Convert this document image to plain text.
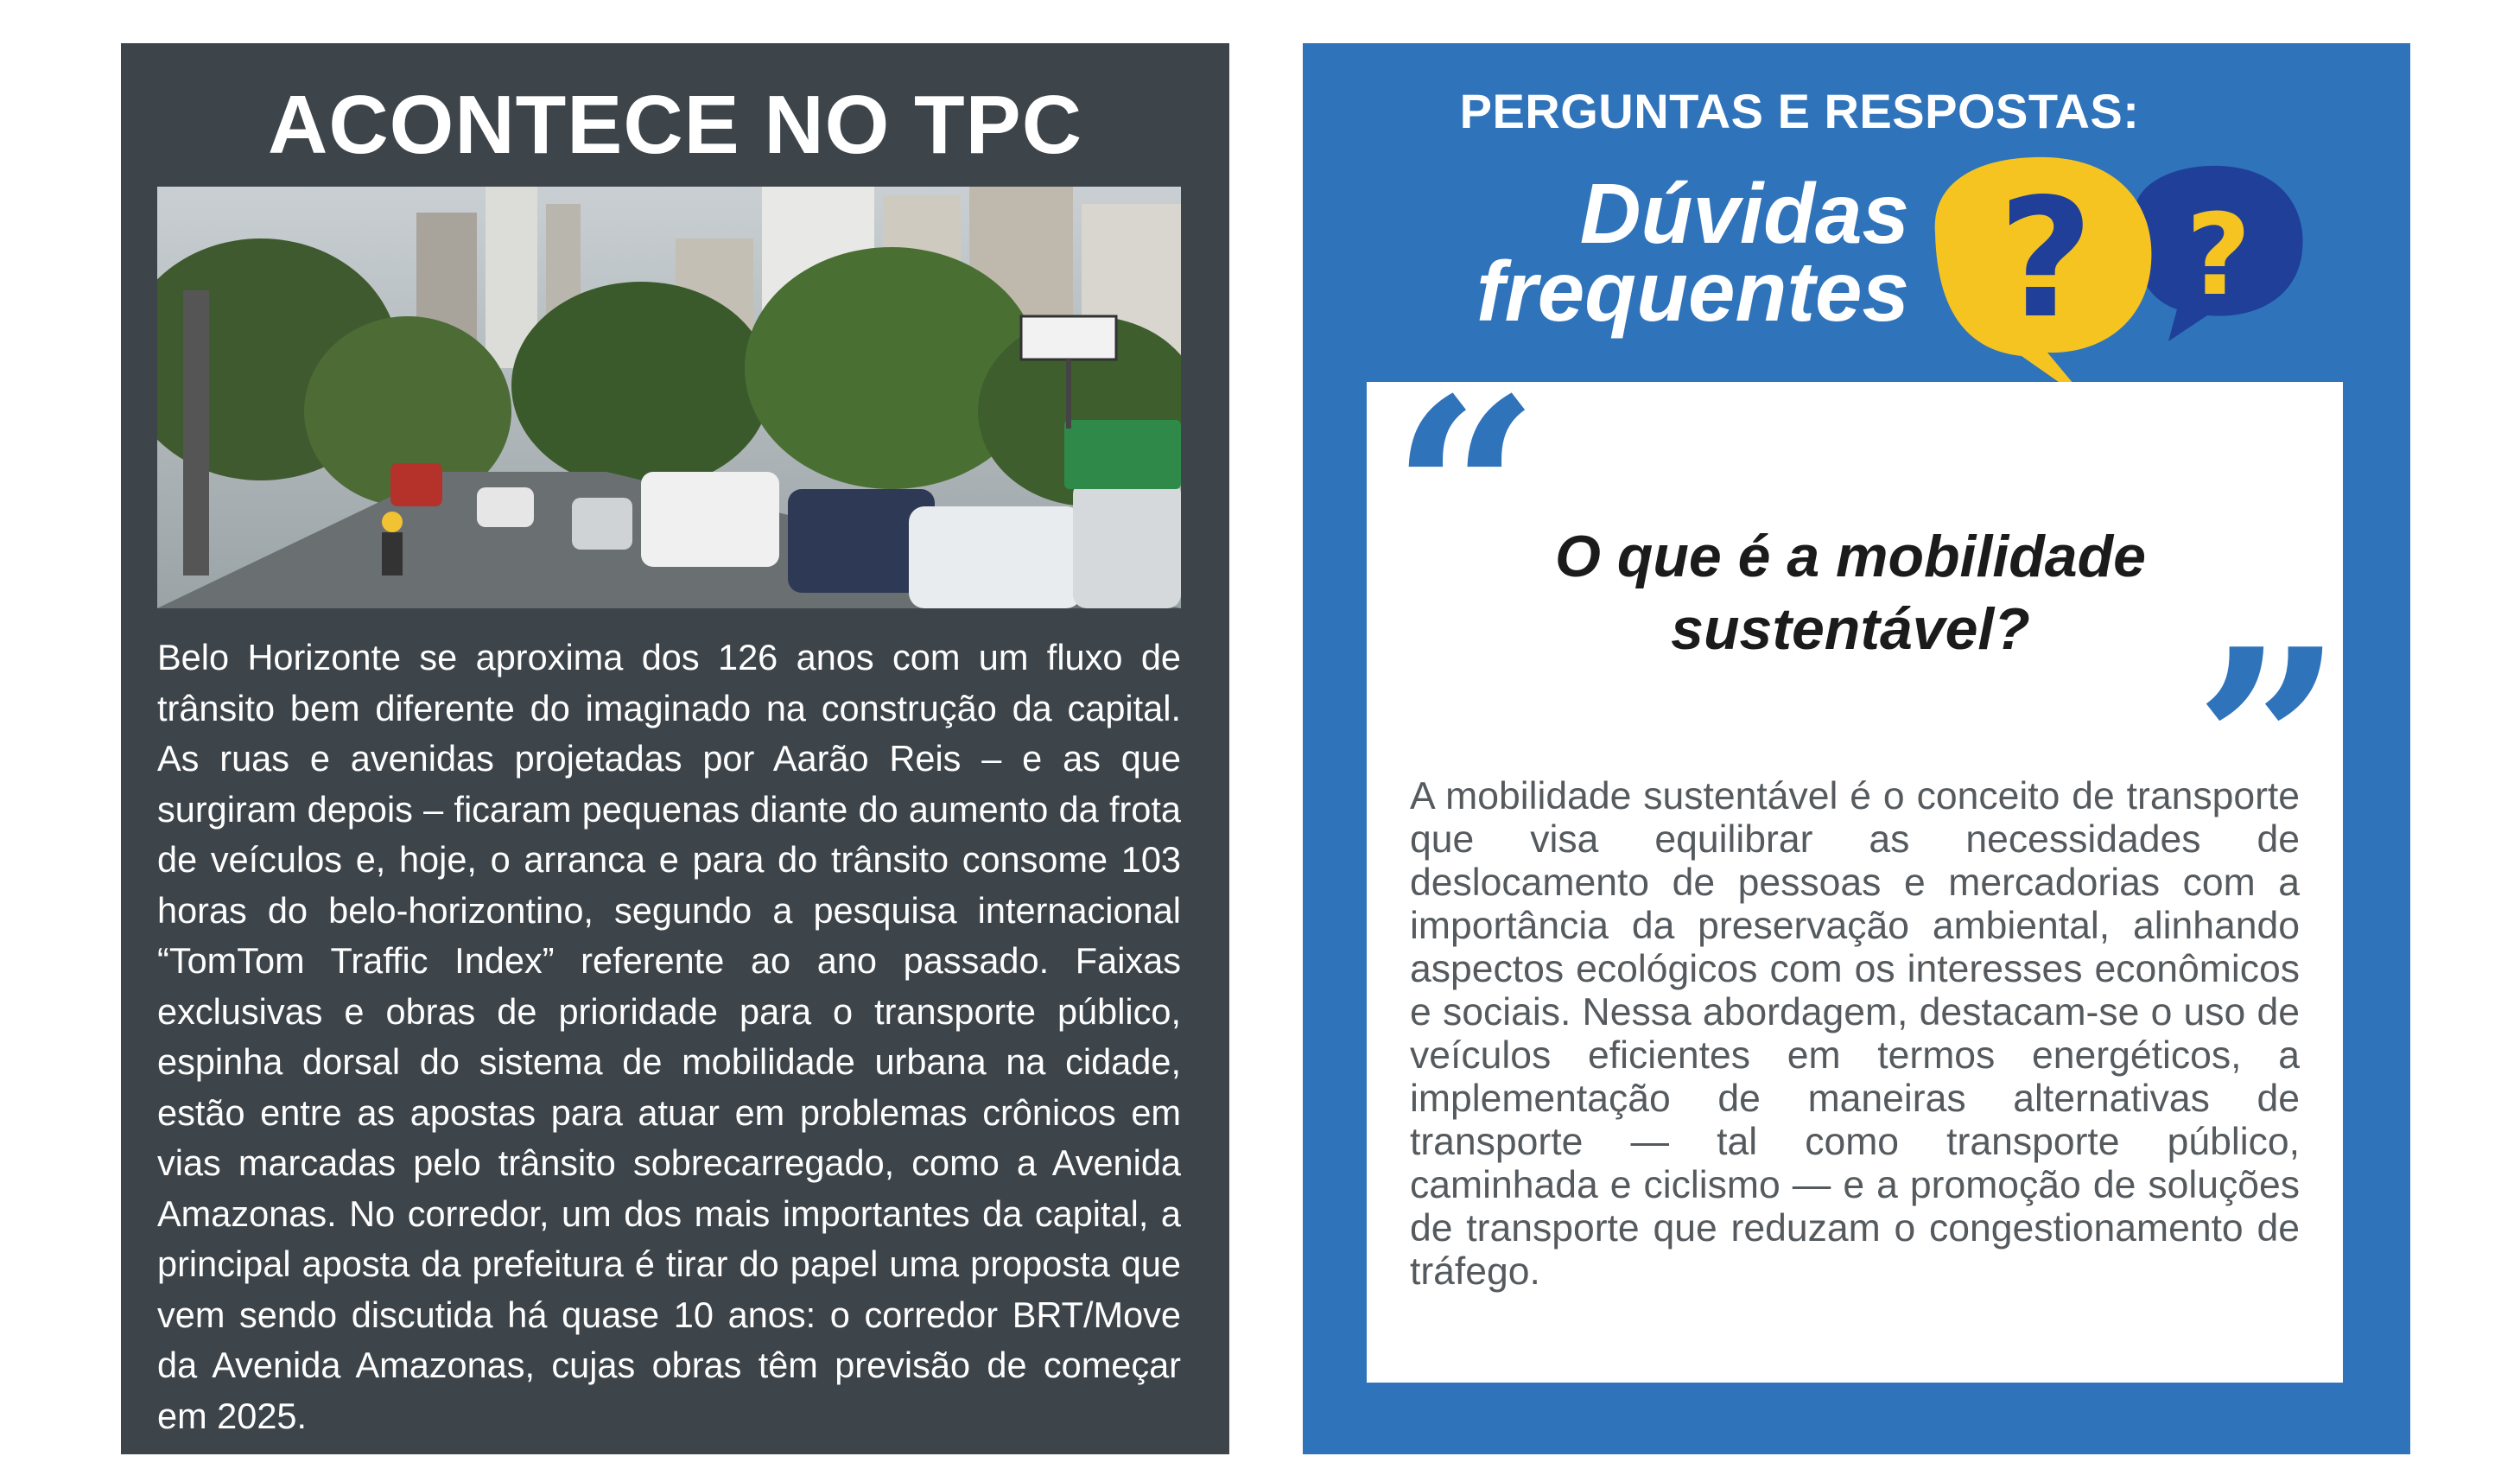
ACONTECE NO TPC
Belo Horizonte se aproxima dos 126 anos com um fluxo de trânsito bem diferente do imaginado na construção da capital. As ruas e avenidas projetadas por Aarão Reis – e as que surgiram depois – ficaram pequenas diante do aumento da frota de veículos e, hoje, o arranca e para do trânsito consome 103 horas do belo-horizontino, segundo a pesquisa internacional “TomTom Traffic Index” referente ao ano passado. Faixas exclusivas e obras de prioridade para o transporte público, espinha dorsal do sistema de mobilidade urbana na cidade, estão entre as apostas para atuar em problemas crônicos em vias marcadas pelo trânsito sobrecarregado, como a Avenida Amazonas. No corredor, um dos mais importantes da capital, a principal aposta da prefeitura é tirar do papel uma proposta que vem sendo discutida há quase 10 anos: o corredor BRT/Move da Avenida Amazonas, cujas obras têm previsão de começar em 2025.
PERGUNTAS E RESPOSTAS:
Dúvidas
frequentes ?
?
“ O que é a mobilidade sustentável? ”
A mobilidade sustentável é o conceito de transporte que visa equilibrar as necessidades de deslocamento de pessoas e mercadorias com a importância da preservação ambiental, alinhando aspectos ecológicos com os interesses econômicos e sociais. Nessa abordagem, destacam-se o uso de veículos eficientes em termos energéticos, a implementação de maneiras alternativas de transporte — tal como transporte público, caminhada e ciclismo — e a promoção de soluções de transporte que reduzam o congestionamento de tráfego.
